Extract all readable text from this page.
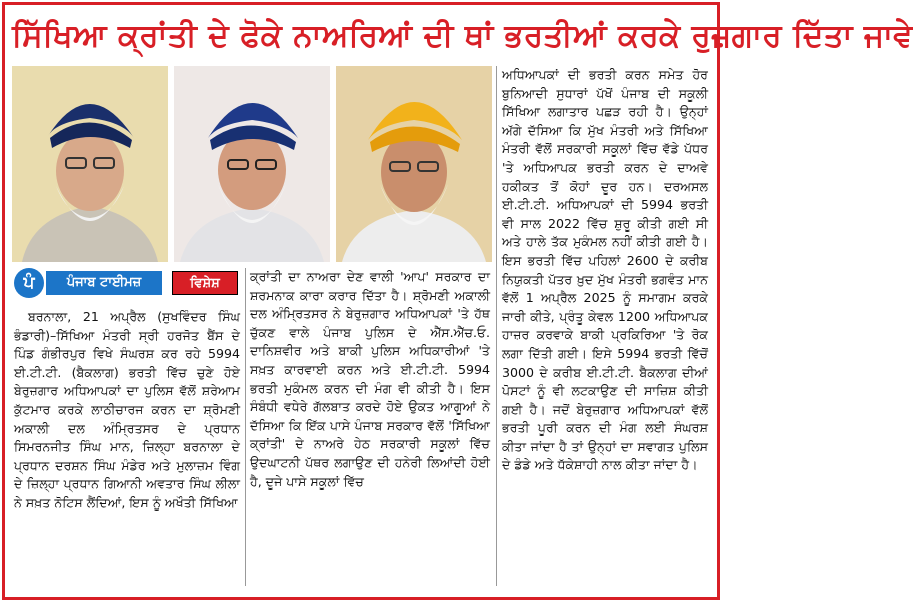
ਸਿੱਖਿਆ ਕ੍ਰਾਂਤੀ ਦੇ ਫੋਕੇ ਨਾਅਰਿਆਂ ਦੀ ਥਾਂ ਭਰਤੀਆਂ ਕਰਕੇ ਰੁਜ਼ਗਾਰ ਦਿੱਤਾ ਜਾਵੇ
ਪੰ	ਪੰਜਾਬ ਟਾਈਮਜ਼	ਵਿਸ਼ੇਸ਼
ਬਰਨਾਲਾ, 21 ਅਪ੍ਰੈਲ (ਸੁਖਵਿੰਦਰ ਸਿੰਘ ਭੰਡਾਰੀ)–ਸਿੱਖਿਆ ਮੰਤਰੀ ਸ੍ਰੀ ਹਰਜੋਤ ਬੈਂਸ ਦੇ ਪਿੰਡ ਗੰਭੀਰਪੁਰ ਵਿਖੇ ਸੰਘਰਸ਼ ਕਰ ਰਹੇ 5994 ਈ.ਟੀ.ਟੀ. (ਬੈਕਲਾਗ) ਭਰਤੀ ਵਿੱਚ ਚੁਣੇ ਹੋਏ ਬੇਰੁਜ਼ਗਾਰ ਅਧਿਆਪਕਾਂ ਦਾ ਪੁਲਿਸ ਵੱਲੋਂ ਸ਼ਰੇਆਮ ਕੁੱਟਮਾਰ ਕਰਕੇ ਲਾਠੀਚਾਰਜ ਕਰਨ ਦਾ ਸ਼੍ਰੋਮਣੀ ਅਕਾਲੀ ਦਲ ਅੰਮ੍ਰਿਤਸਰ ਦੇ ਪ੍ਰਧਾਨ ਸਿਮਰਨਜੀਤ ਸਿੰਘ ਮਾਨ, ਜ਼ਿਲ੍ਹਾ ਬਰਨਾਲਾ ਦੇ ਪ੍ਰਧਾਨ ਦਰਸ਼ਨ ਸਿੰਘ ਮੰਡੇਰ ਅਤੇ ਮੁਲਾਜ਼ਮ ਵਿੰਗ ਦੇ ਜ਼ਿਲ੍ਹਾ ਪ੍ਰਧਾਨ ਗਿਆਨੀ ਅਵਤਾਰ ਸਿੰਘ ਲੀਲਾ ਨੇ ਸਖ਼ਤ ਨੋਟਿਸ ਲੈਂਦਿਆਂ, ਇਸ ਨੂੰ ਅਖੌਤੀ ਸਿੱਖਿਆ
ਕ੍ਰਾਂਤੀ ਦਾ ਨਾਅਰਾ ਦੇਣ ਵਾਲੀ 'ਆਪ' ਸਰਕਾਰ ਦਾ ਸ਼ਰਮਨਾਕ ਕਾਰਾ ਕਰਾਰ ਦਿੱਤਾ ਹੈ। ਸ਼੍ਰੋਮਣੀ ਅਕਾਲੀ ਦਲ ਅੰਮ੍ਰਿਤਸਰ ਨੇ ਬੇਰੁਜ਼ਗਾਰ ਅਧਿਆਪਕਾਂ 'ਤੇ ਹੱਥ ਚੁੱਕਣ ਵਾਲੇ ਪੰਜਾਬ ਪੁਲਿਸ ਦੇ ਐੱਸ.ਐੱਚ.ਓ. ਦਾਨਿਸ਼ਵੀਰ ਅਤੇ ਬਾਕੀ ਪੁਲਿਸ ਅਧਿਕਾਰੀਆਂ 'ਤੇ ਸਖ਼ਤ ਕਾਰਵਾਈ ਕਰਨ ਅਤੇ ਈ.ਟੀ.ਟੀ. 5994 ਭਰਤੀ ਮੁਕੰਮਲ ਕਰਨ ਦੀ ਮੰਗ ਵੀ ਕੀਤੀ ਹੈ। ਇਸ ਸੰਬੰਧੀ ਵਧੇਰੇ ਗੱਲਬਾਤ ਕਰਦੇ ਹੋਏ ਉਕਤ ਆਗੂਆਂ ਨੇ ਦੱਸਿਆ ਕਿ ਇੱਕ ਪਾਸੇ ਪੰਜਾਬ ਸਰਕਾਰ ਵੱਲੋਂ 'ਸਿੱਖਿਆ ਕ੍ਰਾਂਤੀ' ਦੇ ਨਾਅਰੇ ਹੇਠ ਸਰਕਾਰੀ ਸਕੂਲਾਂ ਵਿੱਚ ਉਦਘਾਟਨੀ ਪੱਥਰ ਲਗਾਉਣ ਦੀ ਹਨੇਰੀ ਲਿਆਂਦੀ ਹੋਈ ਹੈ, ਦੂਜੇ ਪਾਸੇ ਸਕੂਲਾਂ ਵਿੱਚ
ਅਧਿਆਪਕਾਂ ਦੀ ਭਰਤੀ ਕਰਨ ਸਮੇਤ ਹੋਰ ਬੁਨਿਆਦੀ ਸੁਧਾਰਾਂ ਪੱਖੋਂ ਪੰਜਾਬ ਦੀ ਸਕੂਲੀ ਸਿੱਖਿਆ ਲਗਾਤਾਰ ਪਛੜ ਰਹੀ ਹੈ। ਉਨ੍ਹਾਂ ਅੱਗੇ ਦੱਸਿਆ ਕਿ ਮੁੱਖ ਮੰਤਰੀ ਅਤੇ ਸਿੱਖਿਆ ਮੰਤਰੀ ਵੱਲੋਂ ਸਰਕਾਰੀ ਸਕੂਲਾਂ ਵਿੱਚ ਵੱਡੇ ਪੱਧਰ 'ਤੇ ਅਧਿਆਪਕ ਭਰਤੀ ਕਰਨ ਦੇ ਦਾਅਵੇ ਹਕੀਕਤ ਤੋਂ ਕੋਹਾਂ ਦੂਰ ਹਨ। ਦਰਅਸਲ ਈ.ਟੀ.ਟੀ. ਅਧਿਆਪਕਾਂ ਦੀ 5994 ਭਰਤੀ ਵੀ ਸਾਲ 2022 ਵਿੱਚ ਸ਼ੁਰੂ ਕੀਤੀ ਗਈ ਸੀ ਅਤੇ ਹਾਲੇ ਤੱਕ ਮੁਕੰਮਲ ਨਹੀਂ ਕੀਤੀ ਗਈ ਹੈ। ਇਸ ਭਰਤੀ ਵਿੱਚ ਪਹਿਲਾਂ 2600 ਦੇ ਕਰੀਬ ਨਿਯੁਕਤੀ ਪੱਤਰ ਖ਼ੁਦ ਮੁੱਖ ਮੰਤਰੀ ਭਗਵੰਤ ਮਾਨ ਵੱਲੋਂ 1 ਅਪ੍ਰੈਲ 2025 ਨੂੰ ਸਮਾਗਮ ਕਰਕੇ ਜਾਰੀ ਕੀਤੇ, ਪ੍ਰੰਤੂ ਕੇਵਲ 1200 ਅਧਿਆਪਕ ਹਾਜ਼ਰ ਕਰਵਾਕੇ ਬਾਕੀ ਪ੍ਰਕਿਰਿਆ 'ਤੇ ਰੋਕ ਲਗਾ ਦਿੱਤੀ ਗਈ। ਇਸੇ 5994 ਭਰਤੀ ਵਿੱਚੋਂ 3000 ਦੇ ਕਰੀਬ ਈ.ਟੀ.ਟੀ. ਬੈਕਲਾਗ ਦੀਆਂ ਪੋਸਟਾਂ ਨੂੰ ਵੀ ਲਟਕਾਉਣ ਦੀ ਸਾਜ਼ਿਸ਼ ਕੀਤੀ ਗਈ ਹੈ। ਜਦੋਂ ਬੇਰੁਜ਼ਗਾਰ ਅਧਿਆਪਕਾਂ ਵੱਲੋਂ ਭਰਤੀ ਪੂਰੀ ਕਰਨ ਦੀ ਮੰਗ ਲਈ ਸੰਘਰਸ਼ ਕੀਤਾ ਜਾਂਦਾ ਹੈ ਤਾਂ ਉਨ੍ਹਾਂ ਦਾ ਸਵਾਗਤ ਪੁਲਿਸ ਦੇ ਡੰਡੇ ਅਤੇ ਧੱਕੇਸ਼ਾਹੀ ਨਾਲ ਕੀਤਾ ਜਾਂਦਾ ਹੈ।
